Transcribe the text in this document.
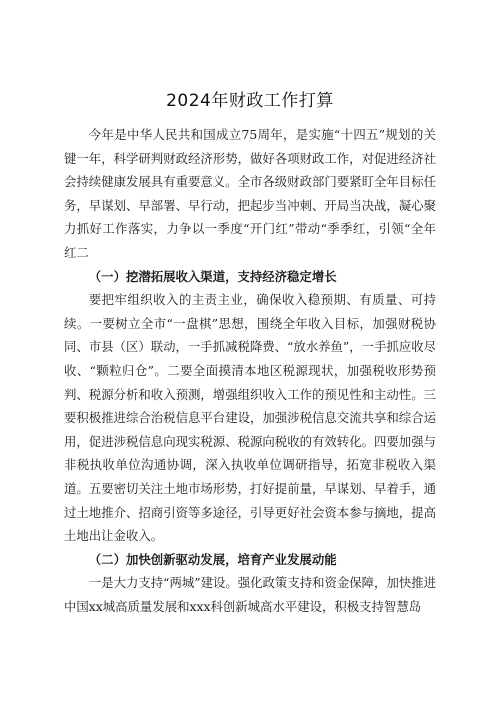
2024年财政工作打算

今年是中华人民共和国成立75周年，是实施“十四五”规划的关键一年，科学研判财政经济形势，做好各项财政工作，对促进经济社会持续健康发展具有重要意义。全市各级财政部门要紧盯全年目标任务，早谋划、早部署、早行动，把起步当冲刺、开局当决战，凝心聚力抓好工作落实，力争以一季度“开门红”带动“季季红，引领“全年红二

（一）挖潜拓展收入渠道，支持经济稳定增长

要把牢组织收入的主责主业，确保收入稳预期、有质量、可持续。一要树立全市“一盘棋”思想，围绕全年收入目标，加强财税协同、市县（区）联动，一手抓减税降费、“放水养鱼”，一手抓应收尽收、“颗粒归仓”。二要全面摸清本地区税源现状，加强税收形势预判、税源分析和收入预测，增强组织收入工作的预见性和主动性。三要积极推进综合治税信息平台建设，加强涉税信息交流共享和综合运用，促进涉税信息向现实税源、税源向税收的有效转化。四要加强与非税执收单位沟通协调，深入执收单位调研指导，拓宽非税收入渠道。五要密切关注土地市场形势，打好提前量，早谋划、早着手，通过土地推介、招商引资等多途径，引导更好社会资本参与摘地，提高土地出让金收入。

（二）加快创新驱动发展，培育产业发展动能

一是大力支持“两城”建设。强化政策支持和资金保障，加快推进中国xx城高质量发展和xxx科创新城高水平建设，积极支持智慧岛
